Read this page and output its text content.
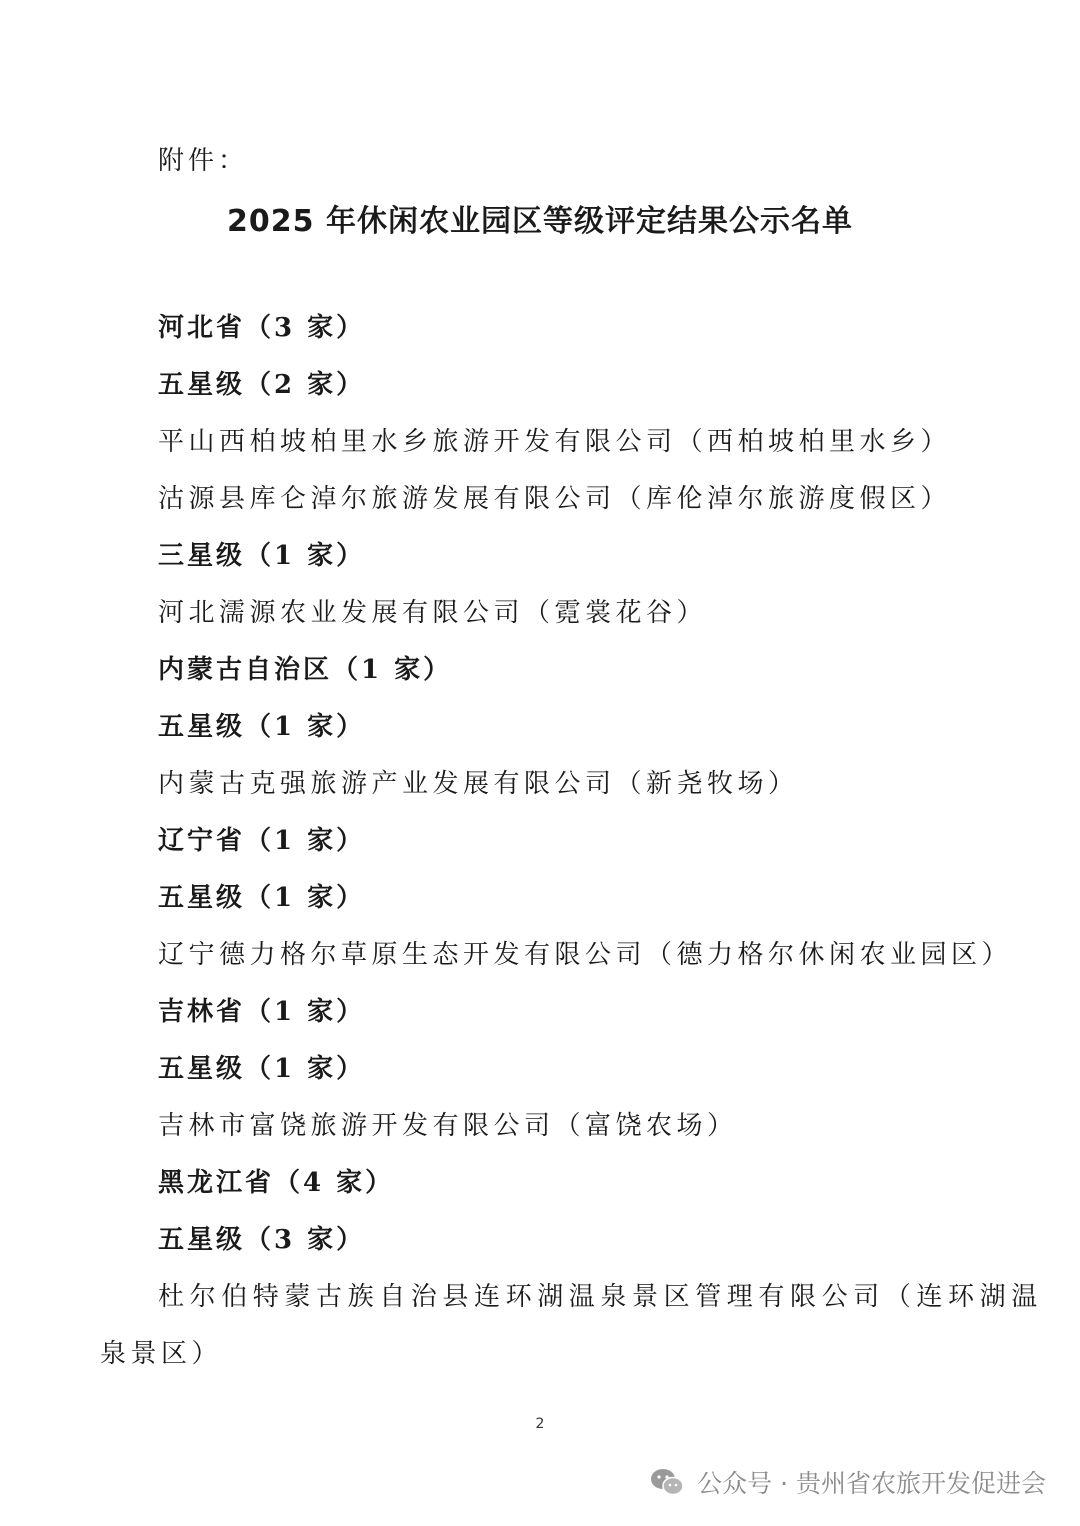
附件：
2025 年休闲农业园区等级评定结果公示名单
河北省（3 家）
五星级（2 家）
平山西柏坡柏里水乡旅游开发有限公司（西柏坡柏里水乡）
沽源县库仑淖尔旅游发展有限公司（库伦淖尔旅游度假区）
三星级（1 家）
河北濡源农业发展有限公司（霓裳花谷）
内蒙古自治区（1 家）
五星级（1 家）
内蒙古克强旅游产业发展有限公司（新尧牧场）
辽宁省（1 家）
五星级（1 家）
辽宁德力格尔草原生态开发有限公司（德力格尔休闲农业园区）
吉林省（1 家）
五星级（1 家）
吉林市富饶旅游开发有限公司（富饶农场）
黑龙江省（4 家）
五星级（3 家）
杜尔伯特蒙古族自治县连环湖温泉景区管理有限公司（连环湖温
泉景区）
2
公众号 · 贵州省农旅开发促进会
